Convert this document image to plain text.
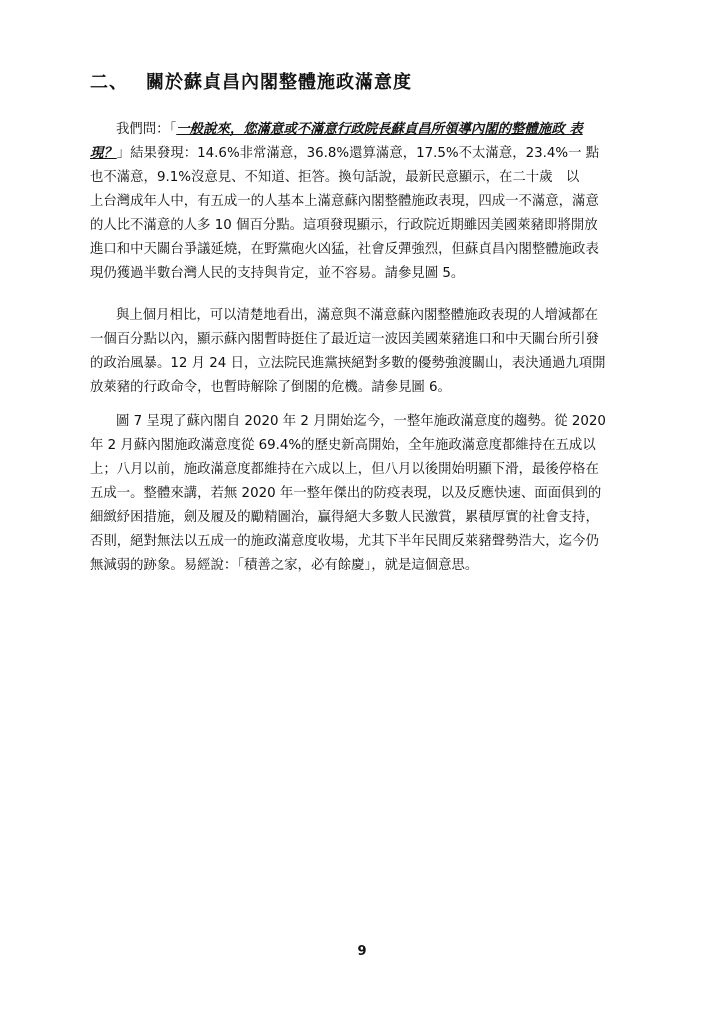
二、 關於蘇貞昌內閣整體施政滿意度

我們問：「一般說來，您滿意或不滿意行政院長蘇貞昌所領導內閣的整體施政 表
現？」結果發現：14.6%非常滿意，36.8%還算滿意，17.5%不太滿意，23.4%一 點
也不滿意，9.1%沒意見、不知道、拒答。換句話說，最新民意顯示，在二十歲　以
上台灣成年人中，有五成一的人基本上滿意蘇內閣整體施政表現，四成一不滿意，滿意
的人比不滿意的人多 10 個百分點。這項發現顯示，行政院近期雖因美國萊豬即將開放
進口和中天關台爭議延燒，在野黨砲火凶猛，社會反彈強烈，但蘇貞昌內閣整體施政表
現仍獲過半數台灣人民的支持與肯定，並不容易。請參見圖 5。

與上個月相比，可以清楚地看出，滿意與不滿意蘇內閣整體施政表現的人增減都在
一個百分點以內，顯示蘇內閣暫時挺住了最近這一波因美國萊豬進口和中天關台所引發
的政治風暴。12 月 24 日，立法院民進黨挾絕對多數的優勢強渡關山，表決通過九項開
放萊豬的行政命令，也暫時解除了倒閣的危機。請參見圖 6。

圖 7 呈現了蘇內閣自 2020 年 2 月開始迄今，一整年施政滿意度的趨勢。從 2020
年 2 月蘇內閣施政滿意度從 69.4%的歷史新高開始，全年施政滿意度都維持在五成以
上；八月以前，施政滿意度都維持在六成以上，但八月以後開始明顯下滑，最後停格在
五成一。整體來講，若無 2020 年一整年傑出的防疫表現，以及反應快速、面面俱到的
細緻紓困措施，劍及履及的勵精圖治，贏得絕大多數人民激賞，累積厚實的社會支持，
否則，絕對無法以五成一的施政滿意度收場，尤其下半年民間反萊豬聲勢浩大，迄今仍
無減弱的跡象。易經說：「積善之家，必有餘慶」，就是這個意思。

9
